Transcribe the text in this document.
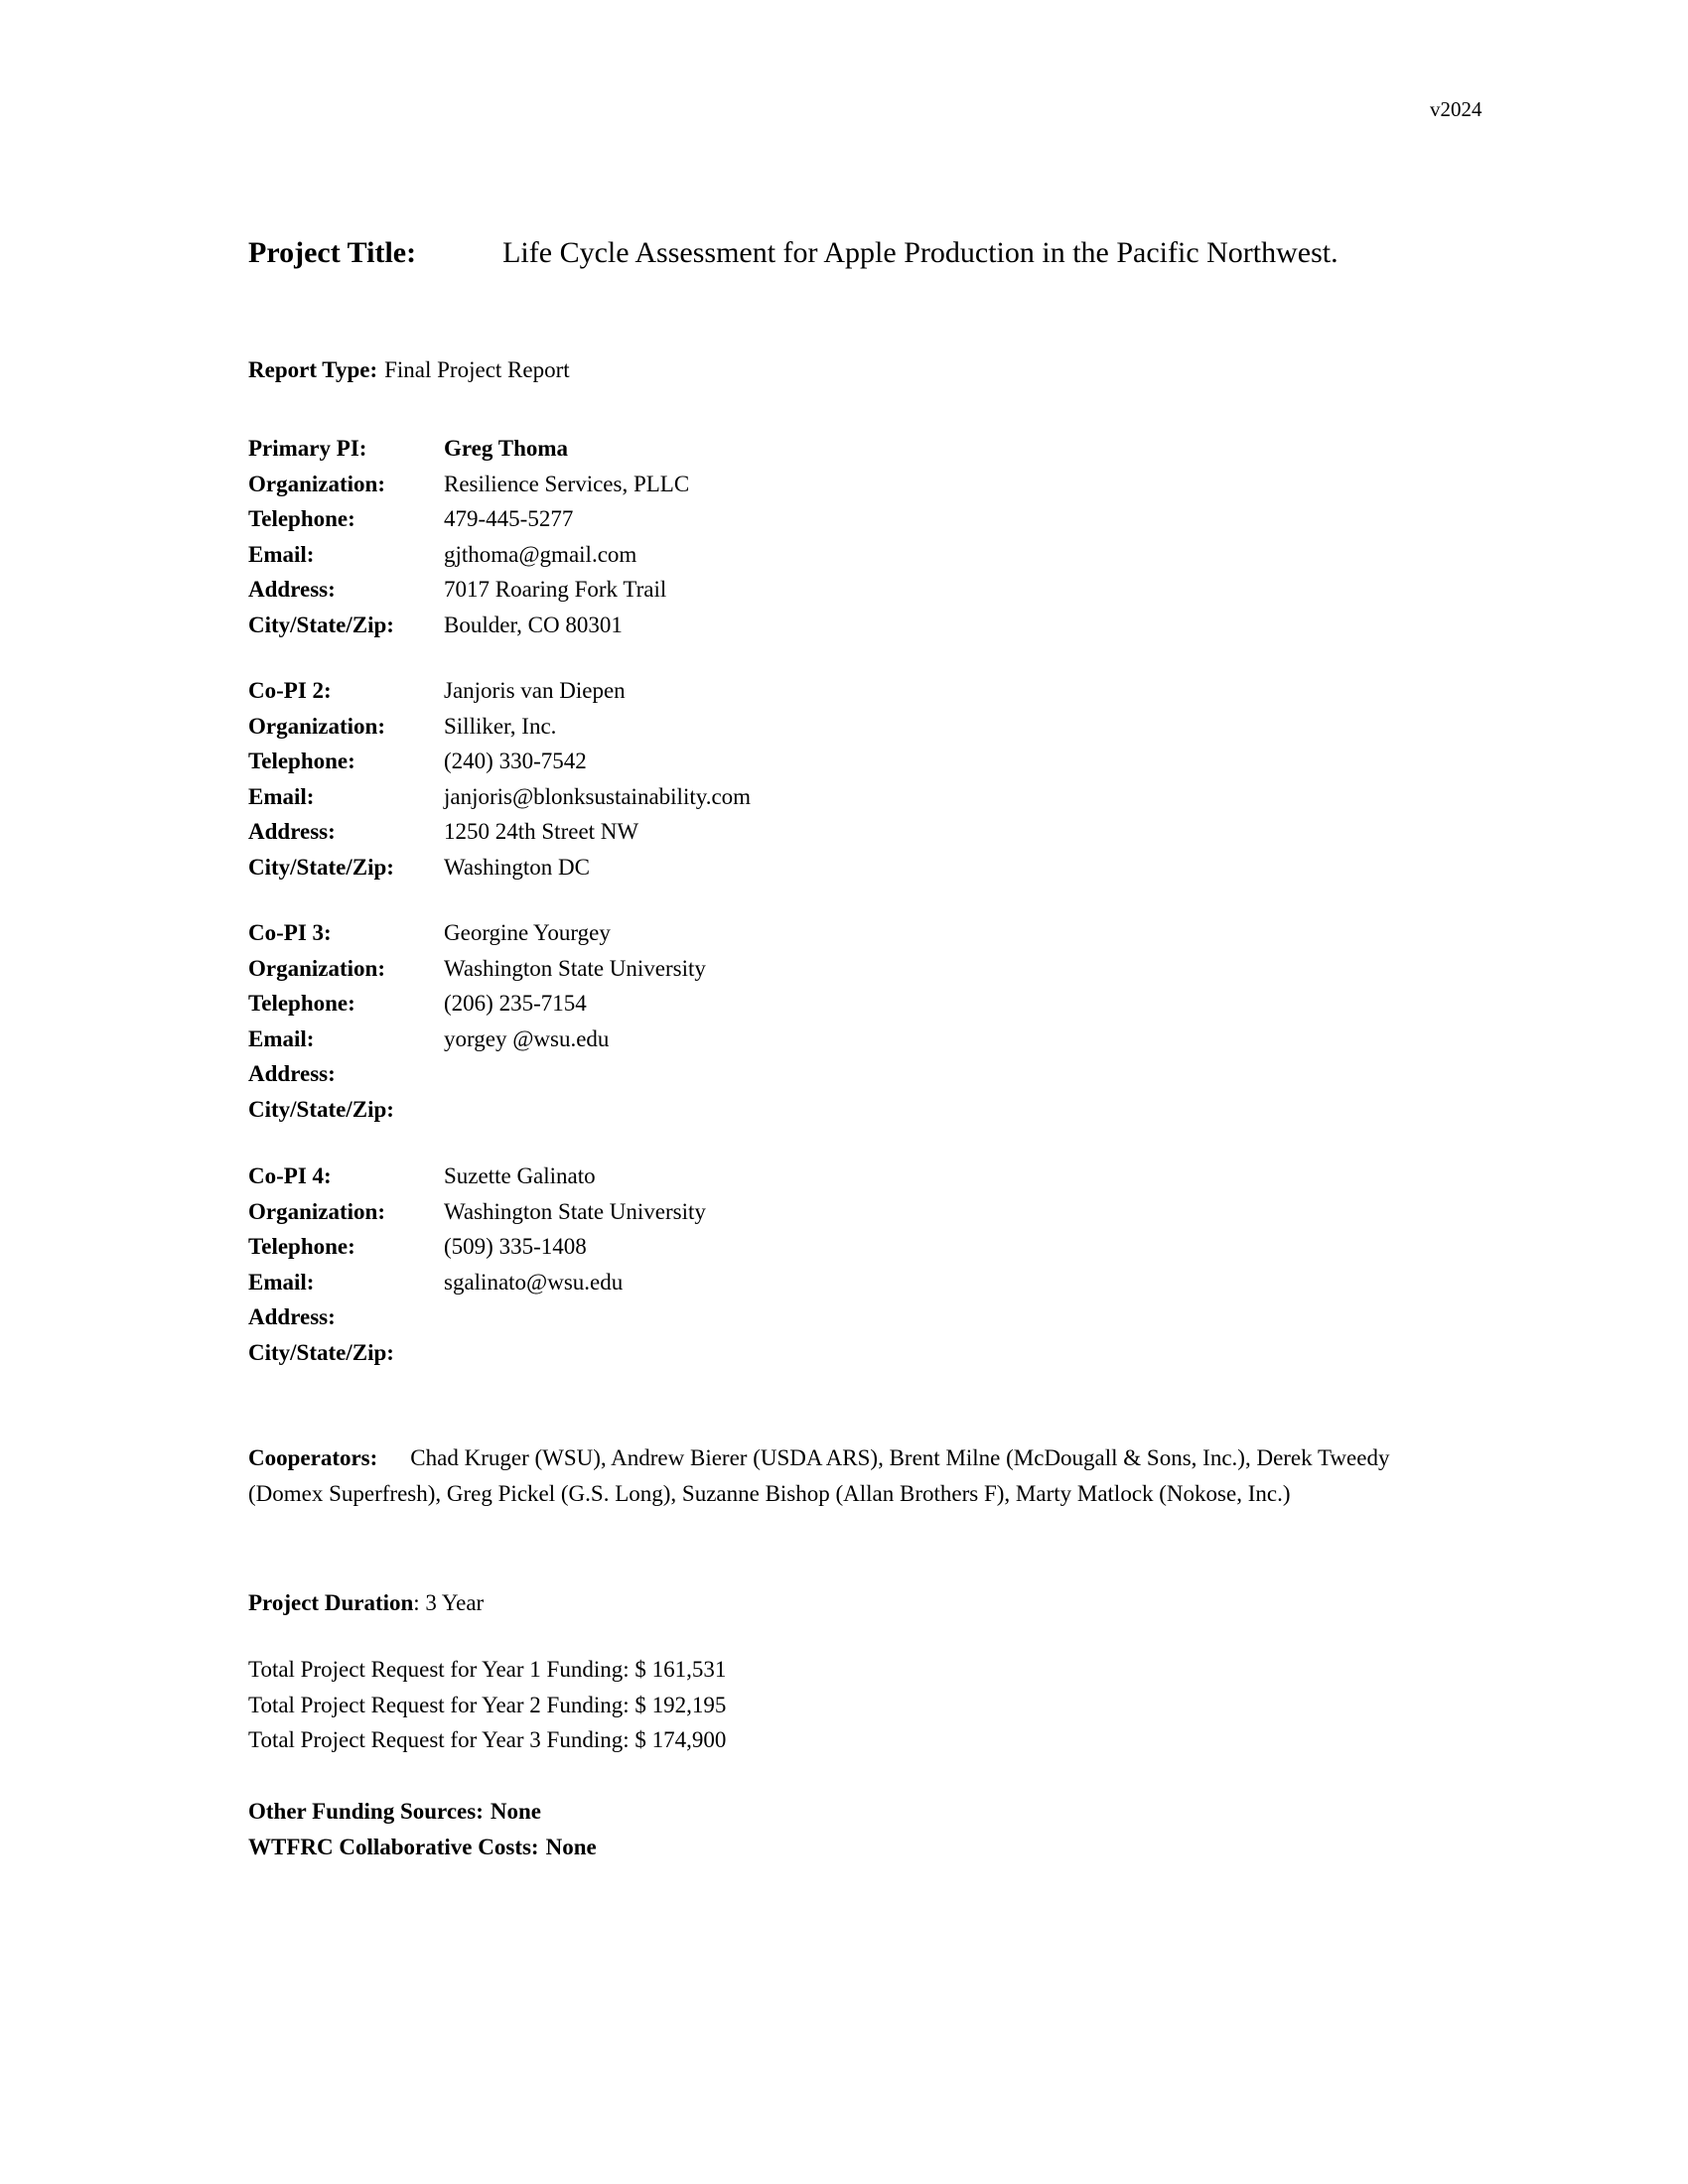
v2024
Project Title:	Life Cycle Assessment for Apple Production in the Pacific Northwest.
Report Type: Final Project Report
Primary PI:	Greg Thoma
Organization:	Resilience Services, PLLC
Telephone:	479-445-5277
Email:	gjthoma@gmail.com
Address:	7017 Roaring Fork Trail
City/State/Zip:	Boulder, CO 80301
Co-PI 2:	Janjoris van Diepen
Organization:	Silliker, Inc.
Telephone:	(240) 330-7542
Email:	janjoris@blonksustainability.com
Address:	1250 24th Street NW
City/State/Zip:	Washington DC
Co-PI 3:	Georgine Yourgey
Organization:	Washington State University
Telephone:	(206) 235-7154
Email:	yorgey @wsu.edu
Address:
City/State/Zip:
Co-PI 4:	Suzette Galinato
Organization:	Washington State University
Telephone:	(509) 335-1408
Email:	sgalinato@wsu.edu
Address:
City/State/Zip:
Cooperators: Chad Kruger (WSU), Andrew Bierer (USDA ARS), Brent Milne (McDougall & Sons, Inc.), Derek Tweedy (Domex Superfresh), Greg Pickel (G.S. Long), Suzanne Bishop (Allan Brothers F), Marty Matlock (Nokose, Inc.)
Project Duration: 3 Year
Total Project Request for Year 1 Funding: $ 161,531
Total Project Request for Year 2 Funding: $ 192,195
Total Project Request for Year 3 Funding: $ 174,900
Other Funding Sources: None
WTFRC Collaborative Costs: None
